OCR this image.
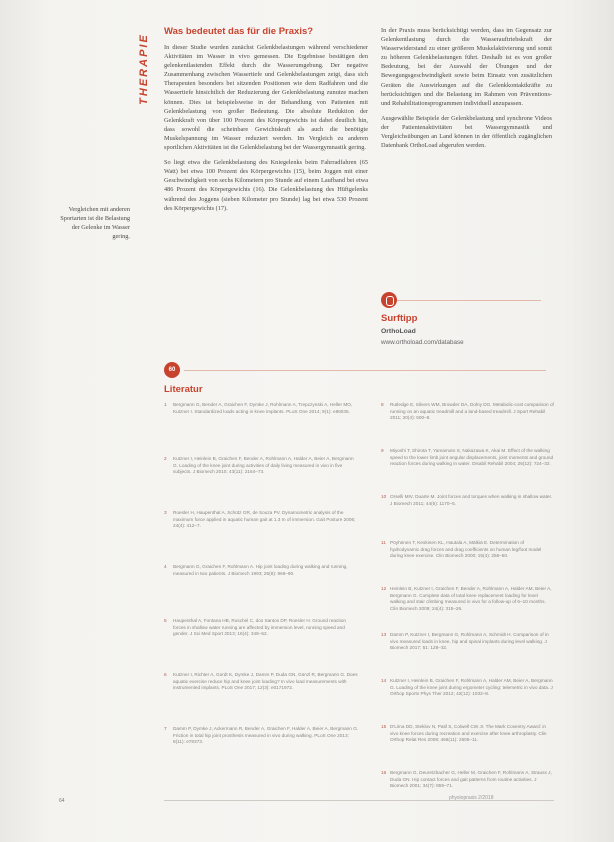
THERAPIE
Was bedeutet das für die Praxis?
Vergleichen mit anderen Sportarten ist die Belastung der Gelenke im Wasser gering.

In dieser Studie wurden zunächst Gelenkbelastungen während verschiedener Aktivitäten im Wasser in vivo gemessen. Die Ergebnisse bestätigen den gelenkentlastenden Effekt durch die Wasserumgebung. Der negative Zusammenhang zwischen Wassertiefe und Gelenkbelastungen zeigt, dass sich Therapeuten besonders bei sitzenden Positionen wie dem Radfahren und die Wassertiefe hinsichtlich der Reduzierung der Gelenkbelastung zunutze machen können. Dies ist beispielsweise in der Behandlung von Patienten mit Gelenkbelastung von großer Bedeutung. Die absolute Reduktion der Gelenkkraft von über 100 Prozent des Körpergewichts ist dabei deutlich hin, dass sowohl die scheinbare Gewichtskraft als auch die benötigte Muskelspannung im Wasser reduziert werden. Im Vergleich zu anderen sportlichen Aktivitäten ist die Gelenkbelastung bei der Wassergymnastik gering.

So liegt etwa die Gelenkbelastung des Kniegelenks beim Fahrradfahren (65 Watt) bei etwa 100 Prozent des Körpergewichts (15), beim Joggen mit einer Geschwindigkeit von sechs Kilometern pro Stunde auf einem Laufband bei etwa 486 Prozent des Körpergewichts (16). Die Gelenkbelastung des Hüftgelenks während des Joggens (sieben Kilometer pro Stunde) lag bei etwa 530 Prozent des Körpergewichts (17).

In der Praxis muss berücksichtigt werden, dass im Gegensatz zur Gelenkentlastung durch die Wasserauftriebskraft der Wasserwiderstand zu einer größeren Muskelaktivierung und somit zu höheren Gelenkbelastungen führt. Deshalb ist es von großer Bedeutung, bei der Auswahl der Übungen und der Bewegungsgeschwindigkeit sowie beim Einsatz von zusätzlichen Geräten die Auswirkungen auf die Gelenkkontaktkräfte zu berücksichtigen und die Belastung im Rahmen von Präventions- und Rehabilitationsprogrammen individuell anzupassen.

Ausgewählte Beispiele der Gelenkbelastung und synchrone Videos der Patientenaktivitäten bei Wassergymnastik und Vergleichsübungen an Land können in der öffentlich zugänglichen Datenbank OrthoLoad abgerufen werden.

Surftipp
OrthoLoad
www.orthoload.com/database
60
Literatur
1 Bergmann G, Bender A, Graichen F, Dymke J, Rohlmann A, Trepczynski A, Heller MO, Kutzner I. Standardized loads acting in knee implants. PLoS One 2014; 9(1): e86035.
2 Kutzner I, Heinlein B, Graichen F, Bender A, Rohlmann A, Halder A, Beier A, Bergmann G. Loading of the knee joint during activities of daily living measured in vivo in five subjects. J Biomech 2010; 43(11): 2164–73.
3 Roesler H, Haupenthal A, Schütz GR, de Souza PV. Dynamometric analysis of the maximum force applied in aquatic human gait at 1.3 m of immersion. Gait Posture 2006; 24(4): 412–7.
4 Bergmann G, Graichen F, Rohlmann A. Hip joint loading during walking and running, measured in two patients. J Biomech 1993; 26(8): 969–90.
5 Haupenthal A, Fontana HB, Ruschel C, dos Santos DP, Roesler H. Ground reaction forces in shallow water running are affected by immersion level, running speed and gender. J Sci Med Sport 2013; 16(4): 348–52.
6 Kutzner I, Richter A, Gordt K, Dymke J, Damm P, Duda GN, Günzl R, Bergmann G. Does aquatic exercise reduce hip and knee joint loading? In vivo load measurements with instrumented implants. PLoS One 2017; 12(3): e0171972.
7 Damm P, Dymke J, Ackermann R, Bender A, Graichen F, Halder A, Beier A, Bergmann G. Friction in total hip joint prosthesis measured in vivo during walking. PLoS One 2013; 8(11): e78373.
8 Rutledge E, Silvers WM, Browder DA, Dolny DG. Metabolic-cost comparison of running on an aquatic treadmill and a land-based treadmill. J Sport Rehabil 2011; 20(4): 500–8.
9 Miyoshi T, Shirota T, Yamamoto S, Nakazawa K, Akai M. Effect of the walking speed to the lower limb joint angular displacements, joint moments and ground reaction forces during walking in water. Disabil Rehabil 2004; 26(12): 724–32.
10 Orselli MIV, Duarte M. Joint forces and torques when walking in shallow water. J Biomech 2011; 44(6): 1170–5.
11 Pöyhönen T, Keskinen KL, Hautala A, Mälkiä E. Determination of hydrodynamic drag forces and drag coefficients on human leg/foot model during knee exercise. Clin Biomech 2000; 15(4): 256–60.
12 Heinlein B, Kutzner I, Graichen F, Bender A, Rohlmann A, Halder AM, Beier A, Bergmann G. Complete data of total knee replacement loading for level walking and stair climbing measured in vivo for a follow-up of 6–10 months. Clin Biomech 2009; 24(4): 315–26.
13 Damm P, Kutzner I, Bergmann G, Rohlmann A, Schmidt H. Comparison of in vivo measured loads in knee, hip and spinal implants during level walking. J Biomech 2017; 51: 128–32.
14 Kutzner I, Heinlein B, Graichen F, Rohlmann A, Halder AM, Beier A, Bergmann G. Loading of the knee joint during ergometer cycling: telemetric in vivo data. J Orthop Sports Phys Ther 2012; 42(12): 1032–8.
15 D'Lima DD, Steklov N, Patil S, Colwell CW Jr. The Mark Coventry Award: in vivo knee forces during recreation and exercise after knee arthroplasty. Clin Orthop Relat Res 2008; 466(11): 2605–11.
16 Bergmann G, Deuretzbacher G, Heller M, Graichen F, Rohlmann A, Strauss J, Duda GN. Hip contact forces and gait patterns from routine activities. J Biomech 2001; 34(7): 859–71.
64	physiopraxis 2/2018
